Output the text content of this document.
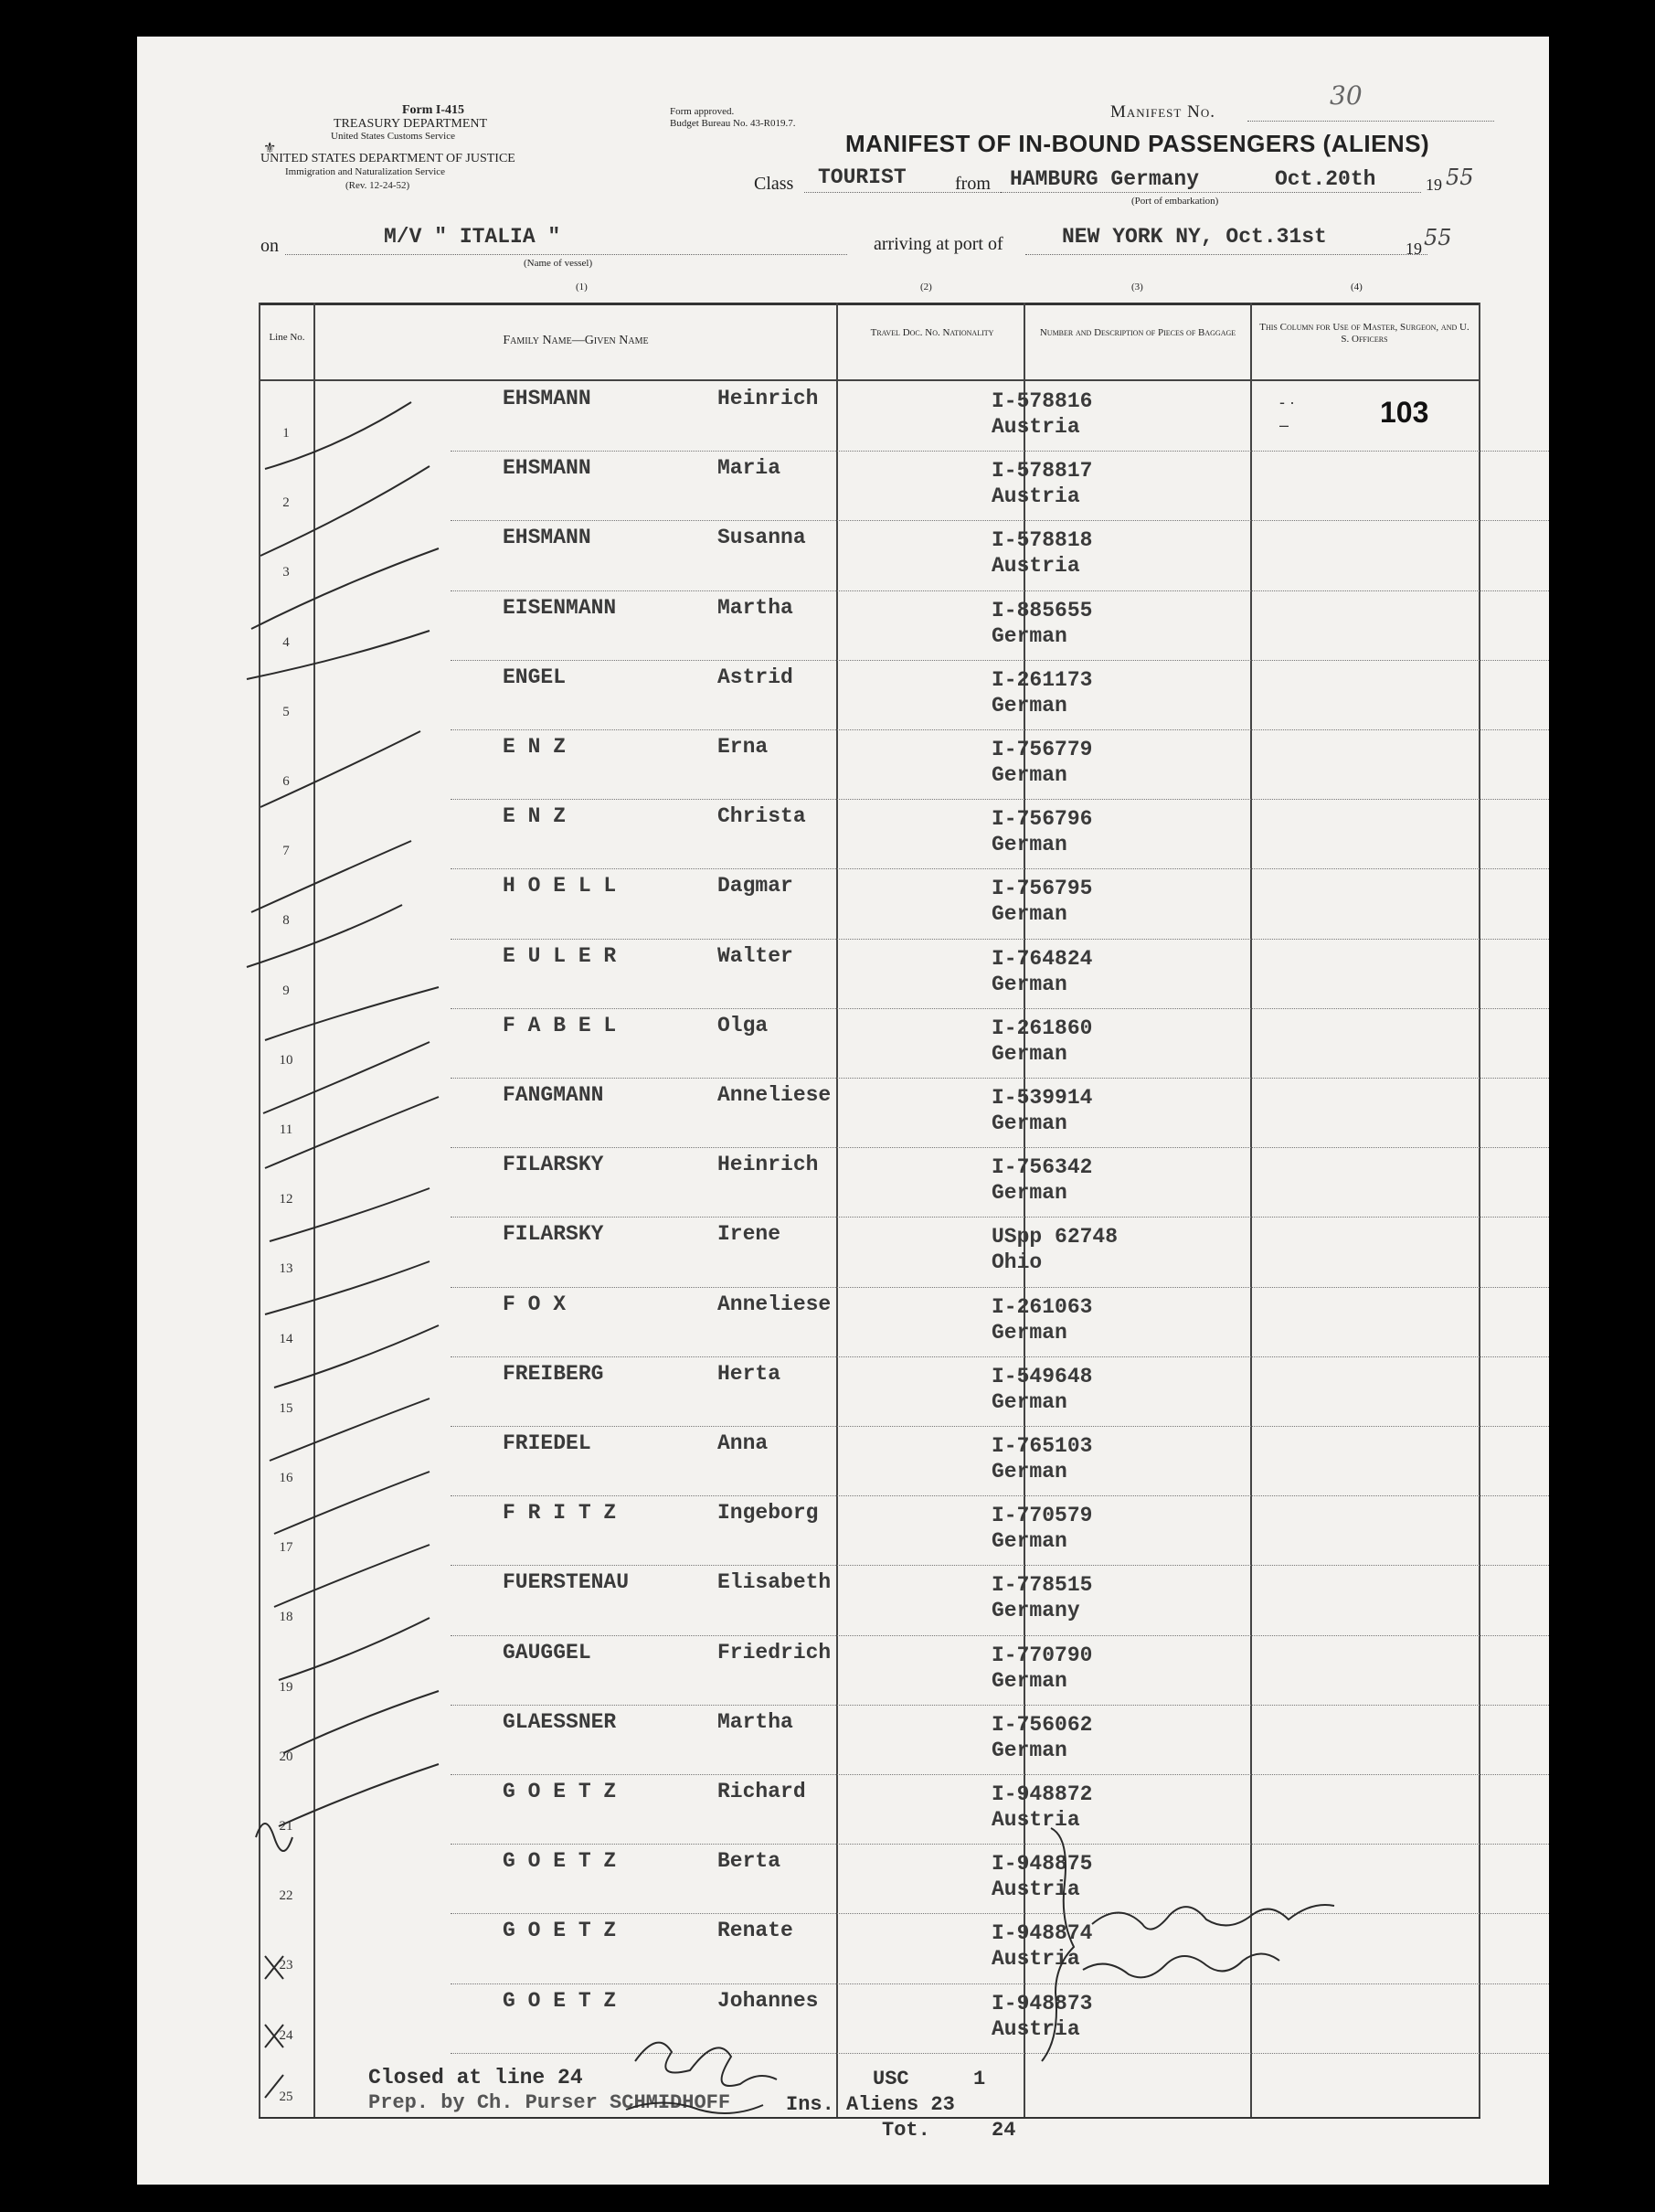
Form I-415
TREASURY DEPARTMENT
United States Customs Service
UNITED STATES DEPARTMENT OF JUSTICE
Immigration and Naturalization Service
(Rev. 12-24-52)
⚜
Form approved.
Budget Bureau No. 43-R019.7.
Manifest No.
30
MANIFEST OF IN-BOUND PASSENGERS (ALIENS)
Class TOURIST	from HAMBURG Germany	Oct.20th	19 55
(Port of embarkation)
on	M/V " ITALIA "
(Name of vessel)
arriving at port of	NEW YORK NY, Oct.31st	19 55
(1)	(2)	(3)	(4)
Line No.	Family Name—Given Name
Travel Doc. No. Nationality	Number and Description of Pieces of Baggage This Column for Use of Master, Surgeon, and U. S. Officers
1
EHSMANN	Heinrich	I-578816
Austria
2
EHSMANN	Maria	I-578817
Austria
3
EHSMANN	Susanna	I-578818
Austria
4
EISENMANN	Martha	I-885655
German
5
ENGEL	Astrid	I-261173
German
6
E N Z	Erna	I-756779
German
7
E N Z	Christa	I-756796
German
8
H O E L L	Dagmar	I-756795
German
9
E U L E R	Walter	I-764824
German
10
F A B E L	Olga	I-261860
German
11
FANGMANN	Anneliese	I-539914
German
12
FILARSKY	Heinrich	I-756342
German
13
FILARSKY	Irene	USpp 62748
Ohio
14
F O X	Anneliese	I-261063
German
15
FREIBERG	Herta	I-549648
German
16
FRIEDEL	Anna	I-765103
German
17
F R I T Z	Ingeborg	I-770579
German
18
FUERSTENAU	Elisabeth	I-778515
Germany
19
GAUGGEL	Friedrich	I-770790
German
20
GLAESSNER	Martha	I-756062
German
21
G O E T Z	Richard	I-948872
Austria
22
G O E T Z	Berta	I-948875
Austria
23
G O E T Z	Renate	I-948874
Austria
24
G O E T Z	Johannes	I-948873
Austria
25
Closed at line 24
Prep. by Ch. Purser SCHMIDHOFF
USC	1
Ins. Aliens 23
Tot.	24
103
- ·
–
